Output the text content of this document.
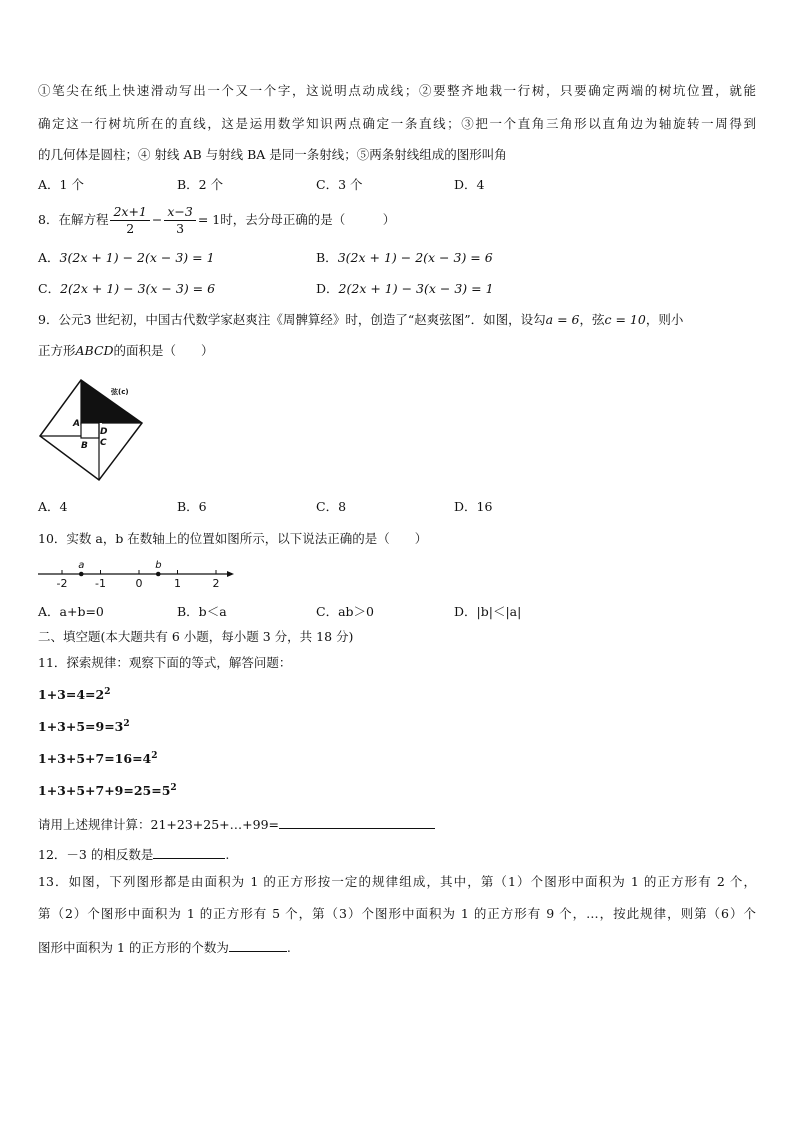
①笔尖在纸上快速滑动写出一个又一个字，这说明点动成线；②要整齐地栽一行树，只要确定两端的树坑位置，就能
确定这一行树坑所在的直线，这是运用数学知识两点确定一条直线；③把一个直角三角形以直角边为轴旋转一周得到
的几何体是圆柱；④ 射线 AB 与射线 BA 是同一条射线；⑤两条射线组成的图形叫角
A．1 个	B．2 个	C．3 个	D．4
8．在解方程 $\frac{2x+1}{2} - \frac{x-3}{3} = 1$ 时，去分母正确的是（　　　）
A．3(2x + 1) − 2(x − 3) = 1	B．3(2x + 1) − 2(x − 3) = 6
C．2(2x + 1) − 3(x − 3) = 6	D．2(2x + 1) − 3(x − 3) = 1
9．公元3 世纪初，中国古代数学家赵爽注《周髀算经》时，创造了“赵爽弦图”．如图，设勾a = 6，弦c = 10，则小
正方形ABCD的面积是（　　）
弦(c)
A
B C
D
A．4	B．6	C．8	D．16
10．实数 a，b 在数轴上的位置如图所示，以下说法正确的是（　　）
-2	-1	0	1	2
a	b
A．a+b=0	B．b＜a	C．ab＞0	D．|b|＜|a|
二、填空题(本大题共有 6 小题，每小题 3 分，共 18 分)
11．探索规律：观察下面的等式，解答问题：
$1+3=4=2^2$
$1+3+5=9=3^2$
$1+3+5+7=16=4^2$
$1+3+5+7+9=25=5^2$
请用上述规律计算：21+23+25+…+99=
12．－3 的相反数是	.
13．如图，下列图形都是由面积为 1 的正方形按一定的规律组成，其中，第（1）个图形中面积为 1 的正方形有 2 个，
第（2）个图形中面积为 1 的正方形有 5 个，第（3）个图形中面积为 1 的正方形有 9 个，…，按此规律，则第（6）个
图形中面积为 1 的正方形的个数为	.
